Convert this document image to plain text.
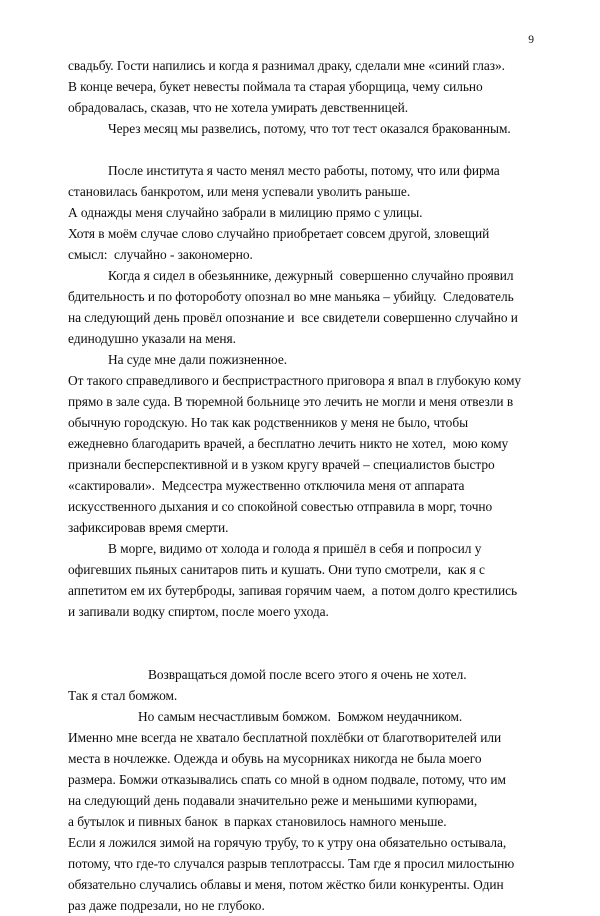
9
свадьбу. Гости напились и когда я разнимал драку, сделали мне «синий глаз».
В конце вечера, букет невесты поймала та старая уборщица, чему сильно
обрадовалась, сказав, что не хотела умирать девственницей.
Через месяц мы развелись, потому, что тот тест оказался бракованным.
После института я часто менял место работы, потому, что или фирма
становилась банкротом, или меня успевали уволить раньше.
А однажды меня случайно забрали в милицию прямо с улицы.
Хотя в моём случае слово случайно приобретает совсем другой, зловещий
смысл:  случайно - закономерно.
Когда я сидел в обезьяннике, дежурный  совершенно случайно проявил
бдительность и по фотороботу опознал во мне маньяка – убийцу.  Следователь
на следующий день провёл опознание и  все свидетели совершенно случайно и
единодушно указали на меня.
На суде мне дали пожизненное.
От такого справедливого и беспристрастного приговора я впал в глубокую кому
прямо в зале суда. В тюремной больнице это лечить не могли и меня отвезли в
обычную городскую. Но так как родственников у меня не было, чтобы
ежедневно благодарить врачей, а бесплатно лечить никто не хотел,  мою кому
признали бесперспективной и в узком кругу врачей – специалистов быстро
«сактировали».  Медсестра мужественно отключила меня от аппарата
искусственного дыхания и со спокойной совестью отправила в морг, точно
зафиксировав время смерти.
В морге, видимо от холода и голода я пришёл в себя и попросил у
офигевших пьяных санитаров пить и кушать. Они тупо смотрели,  как я с
аппетитом ем их бутерброды, запивая горячим чаем,  а потом долго крестились
и запивали водку спиртом, после моего ухода.
Возвращаться домой после всего этого я очень не хотел.
Так я стал бомжом.
Но самым несчастливым бомжом.  Бомжом неудачником.
Именно мне всегда не хватало бесплатной похлёбки от благотворителей или
места в ночлежке. Одежда и обувь на мусорниках никогда не была моего
размера. Бомжи отказывались спать со мной в одном подвале, потому, что им
на следующий день подавали значительно реже и меньшими купюрами,
а бутылок и пивных банок  в парках становилось намного меньше.
Если я ложился зимой на горячую трубу, то к утру она обязательно остывала,
потому, что где-то случался разрыв теплотрассы. Там где я просил милостыню
обязательно случались облавы и меня, потом жёстко били конкуренты. Один
раз даже подрезали, но не глубоко.
